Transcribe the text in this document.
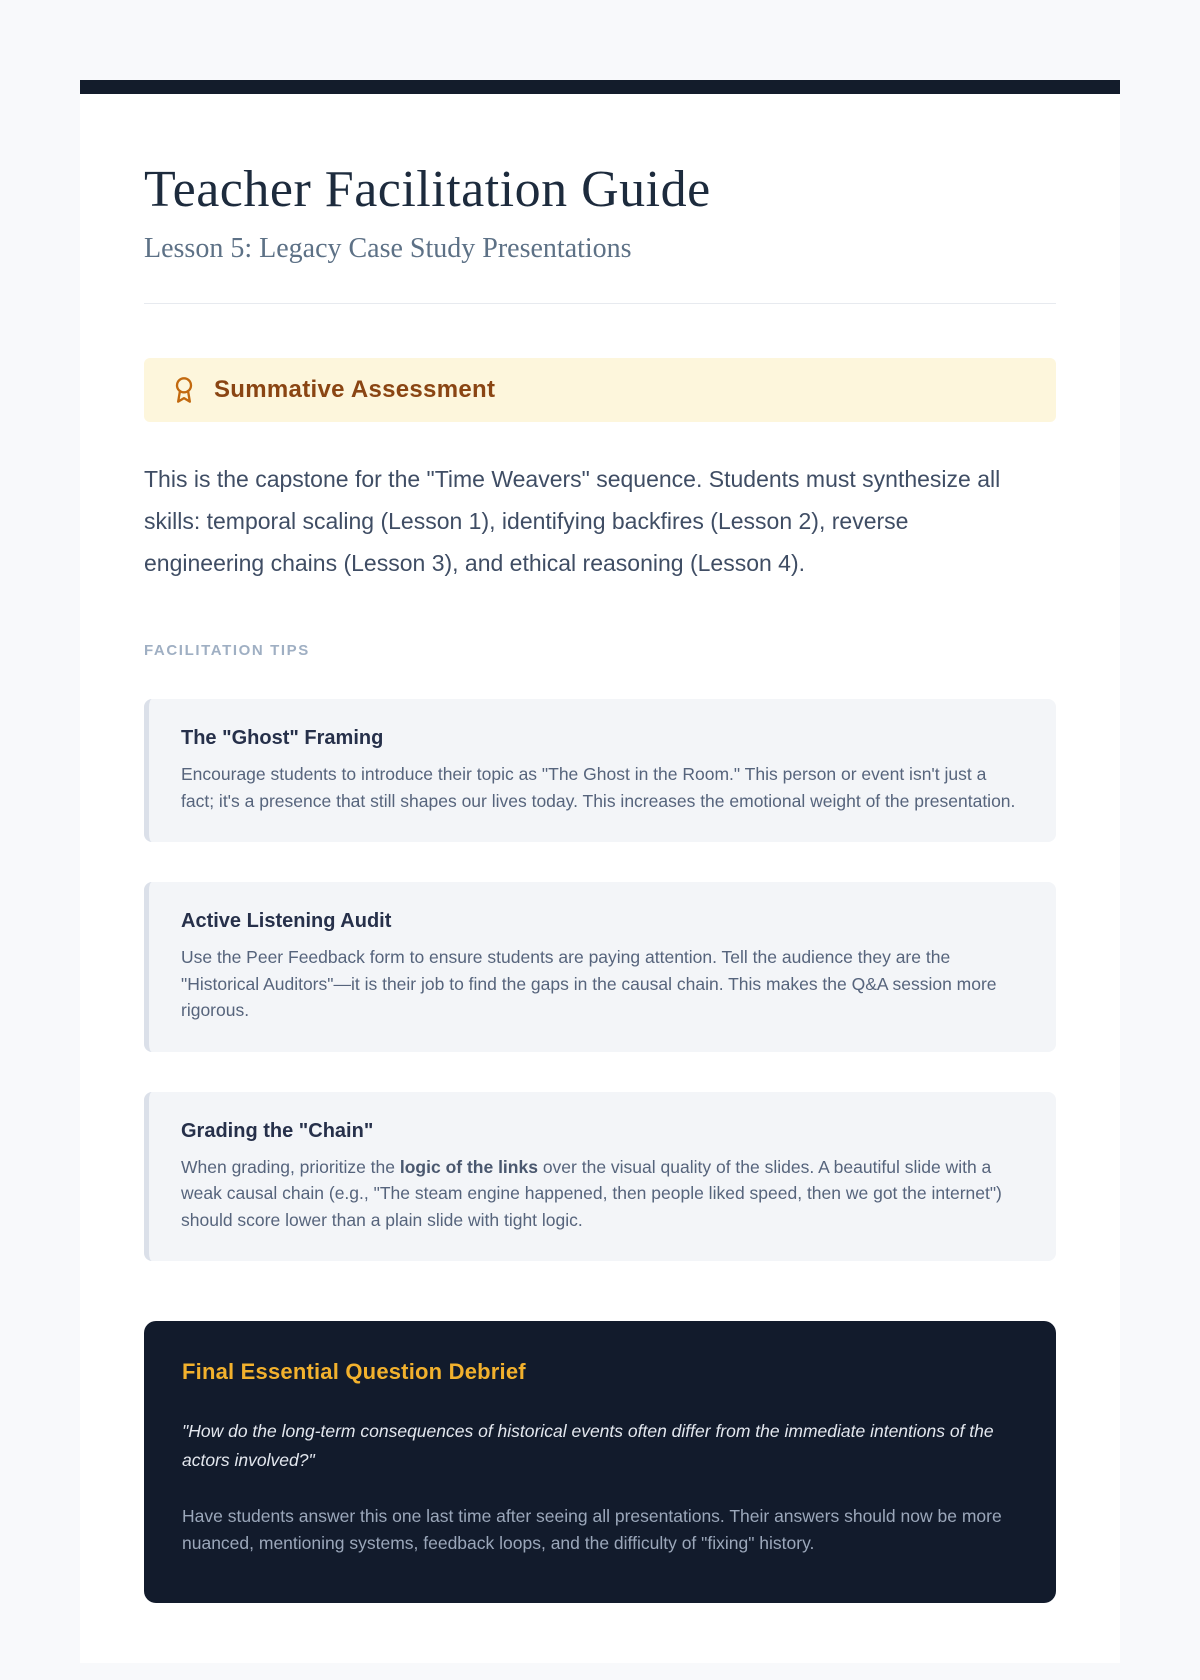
Teacher Facilitation Guide
Lesson 5: Legacy Case Study Presentations
Summative Assessment

This is the capstone for the "Time Weavers" sequence. Students must synthesize all skills: temporal scaling (Lesson 1), identifying backfires (Lesson 2), reverse engineering chains (Lesson 3), and ethical reasoning (Lesson 4).

FACILITATION TIPS
The "Ghost" Framing

Encourage students to introduce their topic as "The Ghost in the Room." This person or event isn't just a fact; it's a presence that still shapes our lives today. This increases the emotional weight of the presentation.

Active Listening Audit

Use the Peer Feedback form to ensure students are paying attention. Tell the audience they are the "Historical Auditors"—it is their job to find the gaps in the causal chain. This makes the Q&A session more rigorous.

Grading the "Chain"

When grading, prioritize the logic of the links over the visual quality of the slides. A beautiful slide with a weak causal chain (e.g., "The steam engine happened, then people liked speed, then we got the internet") should score lower than a plain slide with tight logic.

Final Essential Question Debrief

"How do the long-term consequences of historical events often differ from the immediate intentions of the actors involved?"

Have students answer this one last time after seeing all presentations. Their answers should now be more nuanced, mentioning systems, feedback loops, and the difficulty of "fixing" history.
